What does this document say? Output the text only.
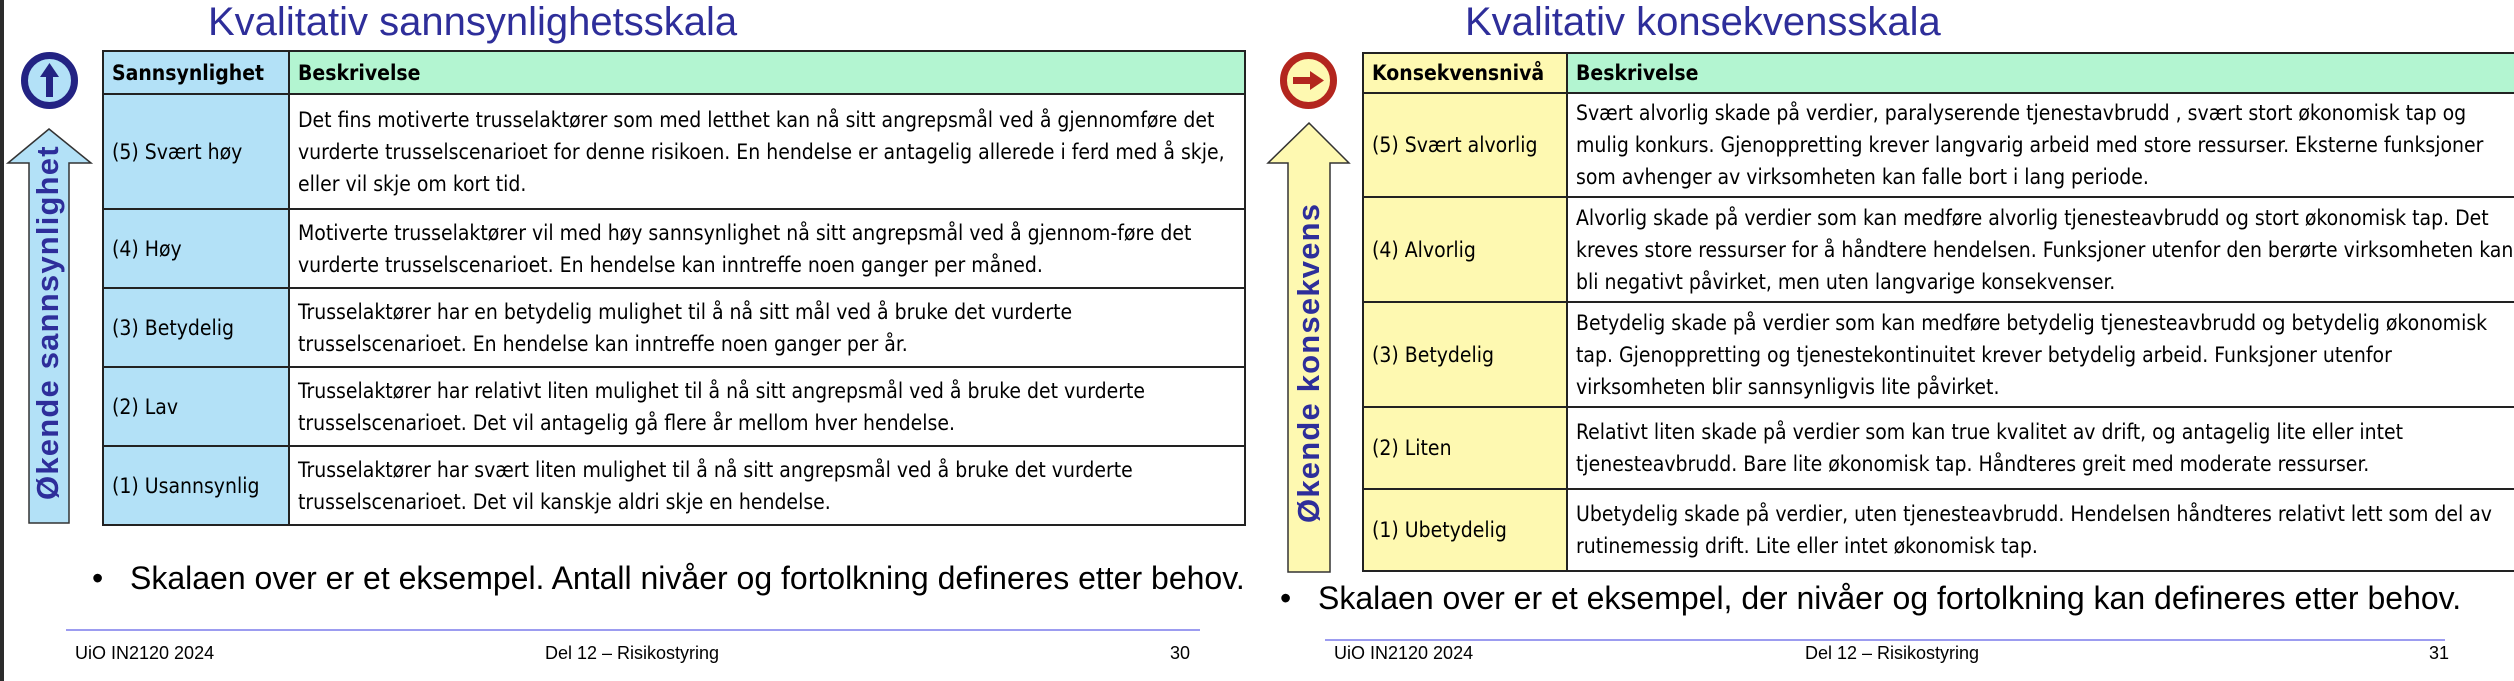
Kvalitativ sannsynlighetsskala
Økende sannsynlighet
Sannsynlighet	Beskrivelse
(5) Svært høy	Det fins motiverte trusselaktører som med letthet kan nå sitt angrepsmål ved å gjennomføre det vurderte trusselscenarioet for denne risikoen. En hendelse er antagelig allerede i ferd med å skje, eller vil skje om kort tid.
(4) Høy	Motiverte trusselaktører vil med høy sannsynlighet nå sitt angrepsmål ved å gjennom-føre det vurderte trusselscenarioet. En hendelse kan inntreffe noen ganger per måned.
(3) Betydelig	Trusselaktører har en betydelig mulighet til å nå sitt mål ved å bruke det vurderte trusselscenarioet. En hendelse kan inntreffe noen ganger per år.
(2) Lav	Trusselaktører har relativt liten mulighet til å nå sitt angrepsmål ved å bruke det vurderte trusselscenarioet. Det vil antagelig gå flere år mellom hver hendelse.
(1) Usannsynlig	Trusselaktører har svært liten mulighet til å nå sitt angrepsmål ved å bruke det vurderte trusselscenarioet. Det vil kanskje aldri skje en hendelse.
• Skalaen over er et eksempel. Antall nivåer og fortolkning defineres etter behov.
UiO IN2120 2024	Del 12 – Risikostyring	30
Kvalitativ konsekvensskala
Økende konsekvens
Konsekvensnivå	Beskrivelse
(5) Svært alvorlig	Svært alvorlig skade på verdier, paralyserende tjenestavbrudd , svært stort økonomisk tap og mulig konkurs. Gjenoppretting krever langvarig arbeid med store ressurser. Eksterne funksjoner som avhenger av virksomheten kan falle bort i lang periode.
(4) Alvorlig	Alvorlig skade på verdier som kan medføre alvorlig tjenesteavbrudd og stort økonomisk tap. Det kreves store ressurser for å håndtere hendelsen. Funksjoner utenfor den berørte virksomheten kan bli negativt påvirket, men uten langvarige konsekvenser.
(3) Betydelig	Betydelig skade på verdier som kan medføre betydelig tjenesteavbrudd og betydelig økonomisk tap. Gjenoppretting og tjenestekontinuitet krever betydelig arbeid. Funksjoner utenfor virksomheten blir sannsynligvis lite påvirket.
(2) Liten	Relativt liten skade på verdier som kan true kvalitet av drift, og antagelig lite eller intet tjenesteavbrudd. Bare lite økonomisk tap. Håndteres greit med moderate ressurser.
(1) Ubetydelig	Ubetydelig skade på verdier, uten tjenesteavbrudd. Hendelsen håndteres relativt lett som del av rutinemessig drift. Lite eller intet økonomisk tap.
• Skalaen over er et eksempel, der nivåer og fortolkning kan defineres etter behov.
UiO IN2120 2024	Del 12 – Risikostyring	31
